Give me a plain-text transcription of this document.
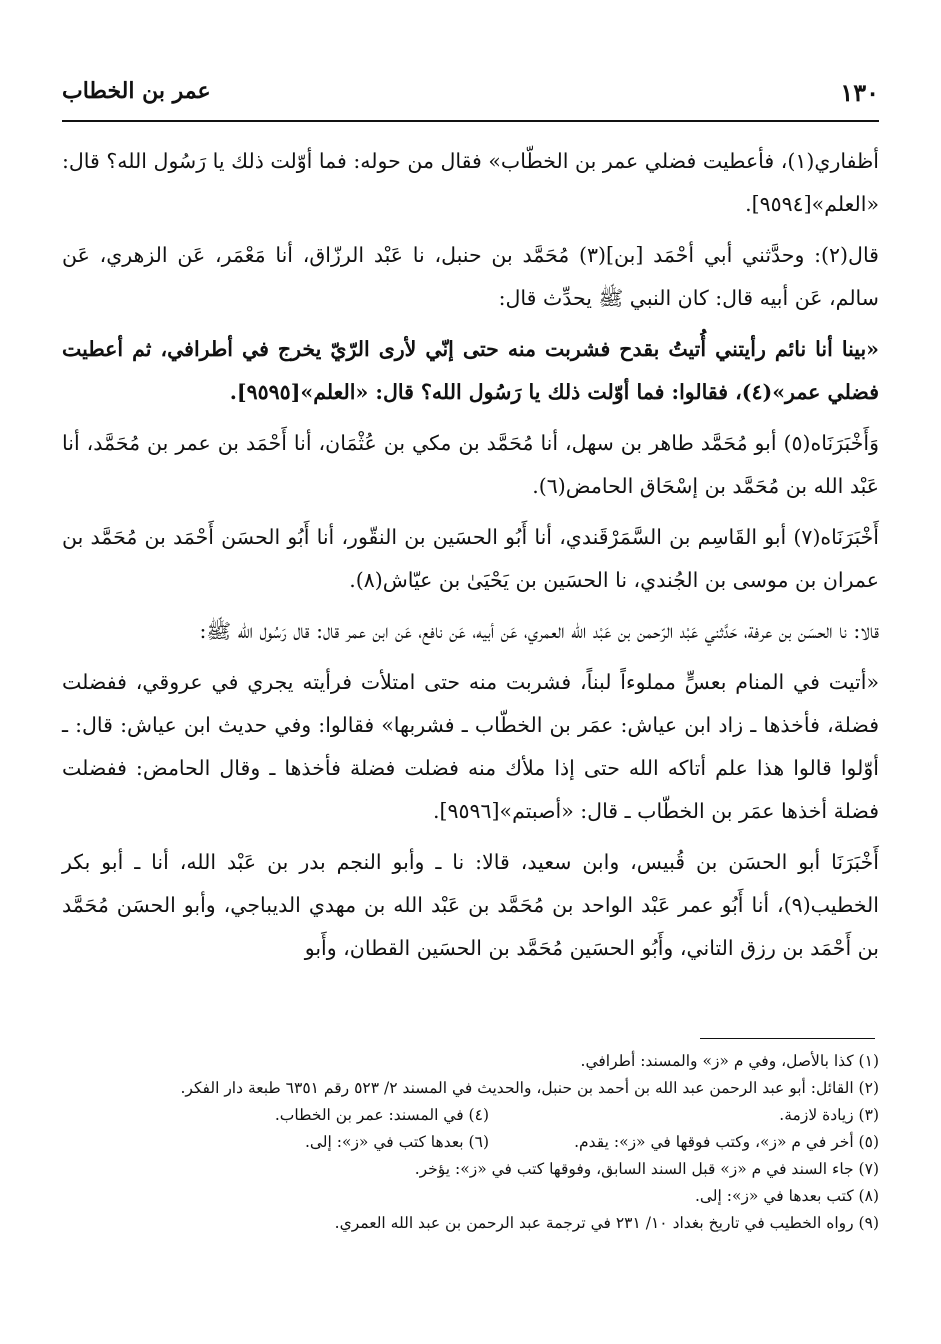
١٣٠
عمر بن الخطاب

أظفاري(١)، فأعطيت فضلي عمر بن الخطّاب» فقال من حوله: فما أوّلت ذلك يا رَسُول الله؟ قال: «العلم»[٩٥٩٤].

قال(٢): وحدَّثني أبي أحْمَد [بن](٣) مُحَمَّد بن حنبل، نا عَبْد الرزّاق، أنا مَعْمَر، عَن الزهري، عَن سالم، عَن أبيه قال: كان النبي ﷺ يحدِّث قال:

«بينا أنا نائم رأيتني أُتيتُ بقدح فشربت منه حتى إنّي لأرى الرّيّ يخرج في أطرافي، ثم أعطيت فضلي عمر»(٤)، فقالوا: فما أوّلت ذلك يا رَسُول الله؟ قال: «العلم»[٩٥٩٥].

وَأَخْبَرَنَاه(٥) أبو مُحَمَّد طاهر بن سهل، أنا مُحَمَّد بن مكي بن عُثْمَان، أنا أَحْمَد بن عمر بن مُحَمَّد، أنا عَبْد الله بن مُحَمَّد بن إسْحَاق الحامض(٦).

أَخْبَرَنَاه(٧) أبو القَاسِم بن السَّمَرْقَندي، أنا أَبُو الحسَين بن النقّور، أنا أَبُو الحسَن أَحْمَد بن مُحَمَّد بن عمران بن موسى بن الجُندي، نا الحسَين بن يَحْيَىٰ بن عيّاش(٨).

قالا: نا الحسَن بن عرفة، حَدَّثني عَبْد الرّحمن بن عَبْد الله العمري، عَن أبيه، عَن نافع، عَن ابن عمر قال: قال رَسُول الله ﷺ:

«أتيت في المنام بعسٍّ مملوءاً لبناً، فشربت منه حتى امتلأت فرأيته يجري في عروقي، ففضلت فضلة، فأخذها ـ زاد ابن عياش: عمَر بن الخطّاب ـ فشربها» فقالوا: وفي حديث ابن عياش: قال: ـ أوّلوا قالوا هذا علم أتاكه الله حتى إذا ملأك منه فضلت فضلة فأخذها ـ وقال الحامض: ففضلت فضلة أخذها عمَر بن الخطّاب ـ قال: «أصبتم»[٩٥٩٦].

أَخْبَرَنَا أبو الحسَن بن قُبيس، وابن سعيد، قالا: نا ـ وأبو النجم بدر بن عَبْد الله، أنا ـ أبو بكر الخطيب(٩)، أنا أَبُو عمر عَبْد الواحد بن مُحَمَّد بن عَبْد الله بن مهدي الديباجي، وأبو الحسَن مُحَمَّد بن أَحْمَد بن رزق التاني، وأَبُو الحسَين مُحَمَّد بن الحسَين القطان، وأَبو

(١) كذا بالأصل، وفي م «ز» والمسند: أطرافي.
(٢) القائل: أبو عبد الرحمن عبد الله بن أحمد بن حنبل، والحديث في المسند ٢/ ٥٢٣ رقم ٦٣٥١ طبعة دار الفكر.
(٣) زيادة لازمة.
(٤) في المسند: عمر بن الخطاب.
(٥) أخر في م «ز»، وكتب فوقها في «ز»: يقدم.
(٦) بعدها كتب في «ز»: إلى.
(٧) جاء السند في م «ز» قبل السند السابق، وفوقها كتب في «ز»: يؤخر.
(٨) كتب بعدها في «ز»: إلى.
(٩) رواه الخطيب في تاريخ بغداد ١٠/ ٢٣١ في ترجمة عبد الرحمن بن عبد الله العمري.
